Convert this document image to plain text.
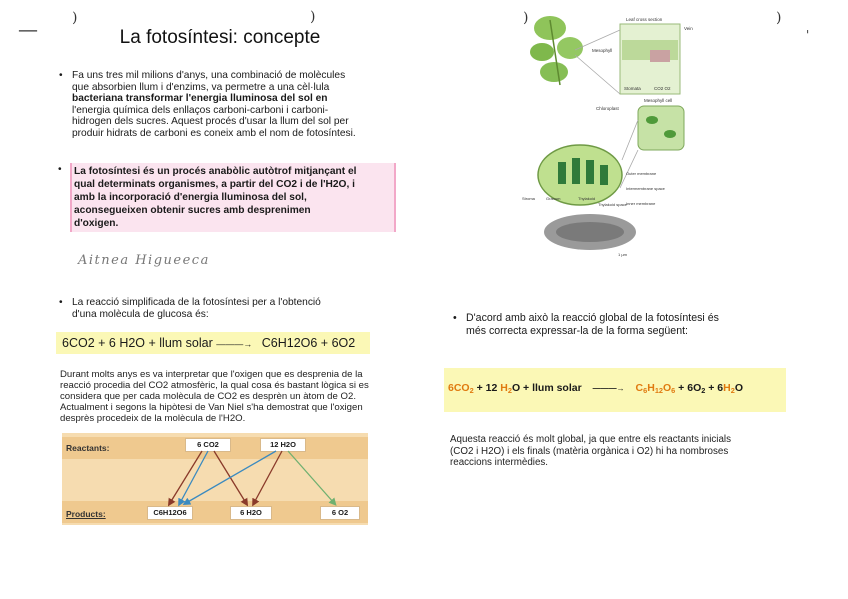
— )	)	)	)
'
La fotosíntesi: concepte
• Fa uns tres mil milions d'anys, una combinació de molècules
que absorbien llum i d'enzims, va permetre a una cèl·lula
bacteriana transformar l'energia lluminosa del sol en
l'energia química dels enllaços carboni-carboni i carboni-
hidrogen dels sucres. Aquest procés d'usar la llum del sol per
produir hidrats de carboni es coneix amb el nom de fotosíntesi.
• La fotosíntesi és un procés anabòlic autòtrof mitjançant el
qual determinats organismes, a partir del CO2 i de l'H2O, i
amb la incorporació d'energia lluminosa del sol,
aconsegueixen obtenir sucres amb desprenimen
d'oxigen.
Aitnea Higueeca
• La reacció simplificada de la fotosíntesi per a l'obtenció
d'una molècula de glucosa és:
6CO2 + 6 H2O + llum solar ———→ C6H12O6 + 6O2
Durant molts anys es va interpretar que l'oxigen que es desprenia de la
reacció procedia del CO2 atmosfèric, la qual cosa és bastant lògica si es
considera que per cada molècula de CO2 es desprèn un àtom de O2.
Actualment i segons la hipòtesi de Van Niel s'ha demostrat que l'oxigen
desprès procedeix de la molècula de l'H2O.
Reactants:
Products:
6 CO2	12 H2O
C6H12O6	6 H2O	6 O2
Leaf cross section
Vein
Mesophyll
Stomata	CO2 O2
Mesophyll cell
Chloroplast
Outer membrane
Intermembrane space
Inner membrane
Stroma	Granum	Thylakoid
Thylakoid space
1 µm
• D'acord amb això la reacció global de la fotosíntesi és
més correcta expressar-la de la forma següent:
$6CO_2 + 12$ $H_2O$ + llum solar ———→ $C_6H_{12}O_6 + 6O_2 + 6H_2O$
Aquesta reacció és molt global, ja que entre els reactants inicials
(CO2 i H2O) i els finals (matèria orgànica i O2) hi ha nombroses
reaccions intermèdies.
